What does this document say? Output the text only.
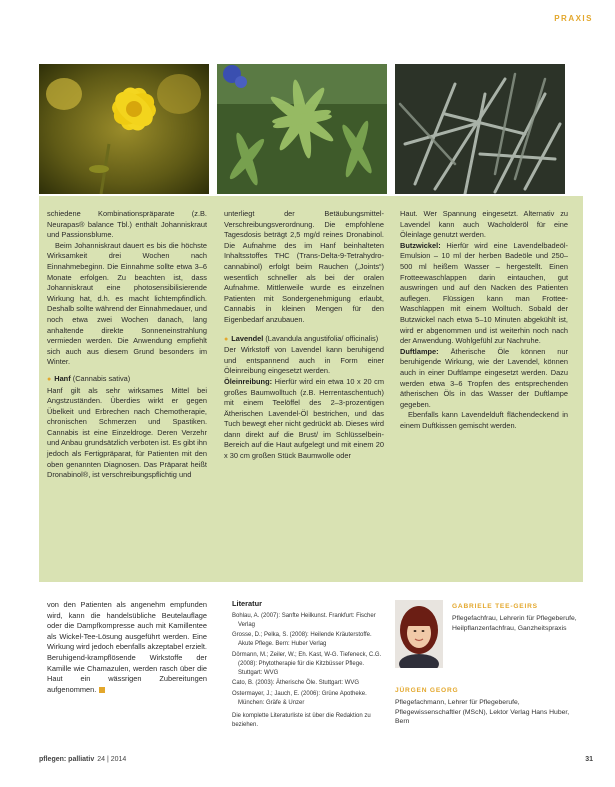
PRAXIS

schiedene Kombinationspräparate (z.B. Neurapas® balance Tbl.) enthält Johanniskraut und Passionsblume.

Beim Johanniskraut dauert es bis die höchste Wirksamkeit drei Wochen nach Einnahmebeginn. Die Einnahme sollte etwa 3–6 Monate erfolgen. Zu beachten ist, dass Johanniskraut eine photosensibilisierende Wirkung hat, d.h. es macht lichtempfindlich. Deshalb sollte während der Einnahmedauer, und noch etwa zwei Wochen danach, lang anhaltende direkte Sonneneinstrahlung vermieden werden. Die Anwendung empfiehlt sich auch aus diesem Grund besonders im Winter.

● Hanf (Cannabis sativa)

Hanf gilt als sehr wirksames Mittel bei Angstzuständen. Überdies wirkt er gegen Übelkeit und Erbrechen nach Chemotherapie, chronischen Schmerzen und Spastiken. Cannabis ist eine Einzeldroge. Deren Verzehr und Anbau grundsätzlich verboten ist. Es gibt ihn jedoch als Fertigpräparat, für Patienten mit den oben genannten Diagnosen. Das Präparat heißt Dronabinol®, ist verschreibungspflichtig und

unterliegt der Betäubungsmittel-Verschreibungsverordnung. Die empfohlene Tagesdosis beträgt 2,5 mg/d reines Dronabinol. Die Aufnahme des im Hanf beinhalteten Inhaltsstoffes THC (Trans-Delta-9-Tetrahydro-cannabinol) erfolgt beim Rauchen („Joints“) wesentlich schneller als bei der oralen Aufnahme. Mittlerweile wurde es einzelnen Patienten mit Sondergenehmigung erlaubt, Cannabis in kleinen Mengen für den Eigenbedarf anzubauen.

● Lavendel (Lavandula angustifolia/ officinalis)

Der Wirkstoff von Lavendel kann beruhigend und entspannend auch in Form einer Öleinreibung eingesetzt werden.

Öleinreibung: Hierfür wird ein etwa 10 x 20 cm großes Baumwolltuch (z.B. Herrentaschentuch) mit einem Teelöffel des 2–3-prozentigen Ätherischen Lavendel-Öl bestrichen, und das Tuch bewegt eher nicht gedrückt ab. Dieses wird dann direkt auf die Brust/ im Schlüsselbein-Bereich auf die Haut aufgelegt und mit einem 20 x 30 cm großen Stück Baumwolle oder

Haut. Wer Spannung eingesetzt. Alternativ zu Lavendel kann auch Wacholderöl für eine Öleinlage genutzt werden.

Butzwickel: Hierfür wird eine Lavendelbadeöl-Emulsion – 10 ml der herben Badeöle und 250–500 ml heißem Wasser – hergestellt. Einen Frotteewaschlappen darin eintauchen, gut auswringen und auf den Nacken des Patienten auflegen. Flüssigen kann man Frottee-Waschlappen mit einem Wolltuch. Sobald der Butzwickel nach etwa 5–10 Minuten abgekühlt ist, wird er abgenommen und ist weiterhin noch nach der Anwendung. Wohlgefühl zur Nachruhe.

Duftlampe: Ätherische Öle können nur beruhigende Wirkung, wie der Lavendel, können auch in einer Duftlampe eingesetzt werden. Dazu werden etwa 3–6 Tropfen des entsprechenden ätherischen Öls in das Wasser der Duftlampe gegeben.

Ebenfalls kann Lavendelduft flächendeckend in einem Duftkissen gemischt werden.

von den Patienten als angenehm empfunden wird, kann die handelsübliche Beutelauflage oder die Dampfkompresse auch mit Kamillentee als Wickel-Tee-Lösung ausgeführt werden. Eine Wirkung wird jedoch ebenfalls akzeptabel erzielt. Beruhigend-krampflösende Wirkstoffe der Kamille wie Chamazulen, werden rasch über die Haut ein wässrigen Zubereitungen aufgenommen.
Literatur
Bohlau, A. (2007): Sanfte Heilkunst. Frankfurt: Fischer Verlag
Grosse, D.; Pelka, S. (2008): Heilende Kräuterstoffe. Akute Pflege. Bern: Huber Verlag
Dörmann, M.; Zeiler, W.; Eh. Kast, W-G. Tiefeneck, C.G. (2008): Phytotherapie für die Kitzbüsser Pflege. Stuttgart: WVG
Cato, B. (2003): Ätherische Öle. Stuttgart: WVG
Ostermayer, J.; Jauch, E. (2006): Grüne Apotheke. München: Gräfe & Unzer
Die komplette Literaturliste ist über die Redaktion zu beziehen.
GABRIELE TEE-GEIRS
Pflegefachfrau, Lehrerin für Pflegeberufe, Heilpflanzenfachfrau, Ganzheitspraxis
JÜRGEN GEORG
Pflegefachmann, Lehrer für Pflegeberufe, Pflegewissenschaftler (MScN), Lektor Verlag Hans Huber, Bern
pflegen: palliativ 24 | 2014	31
